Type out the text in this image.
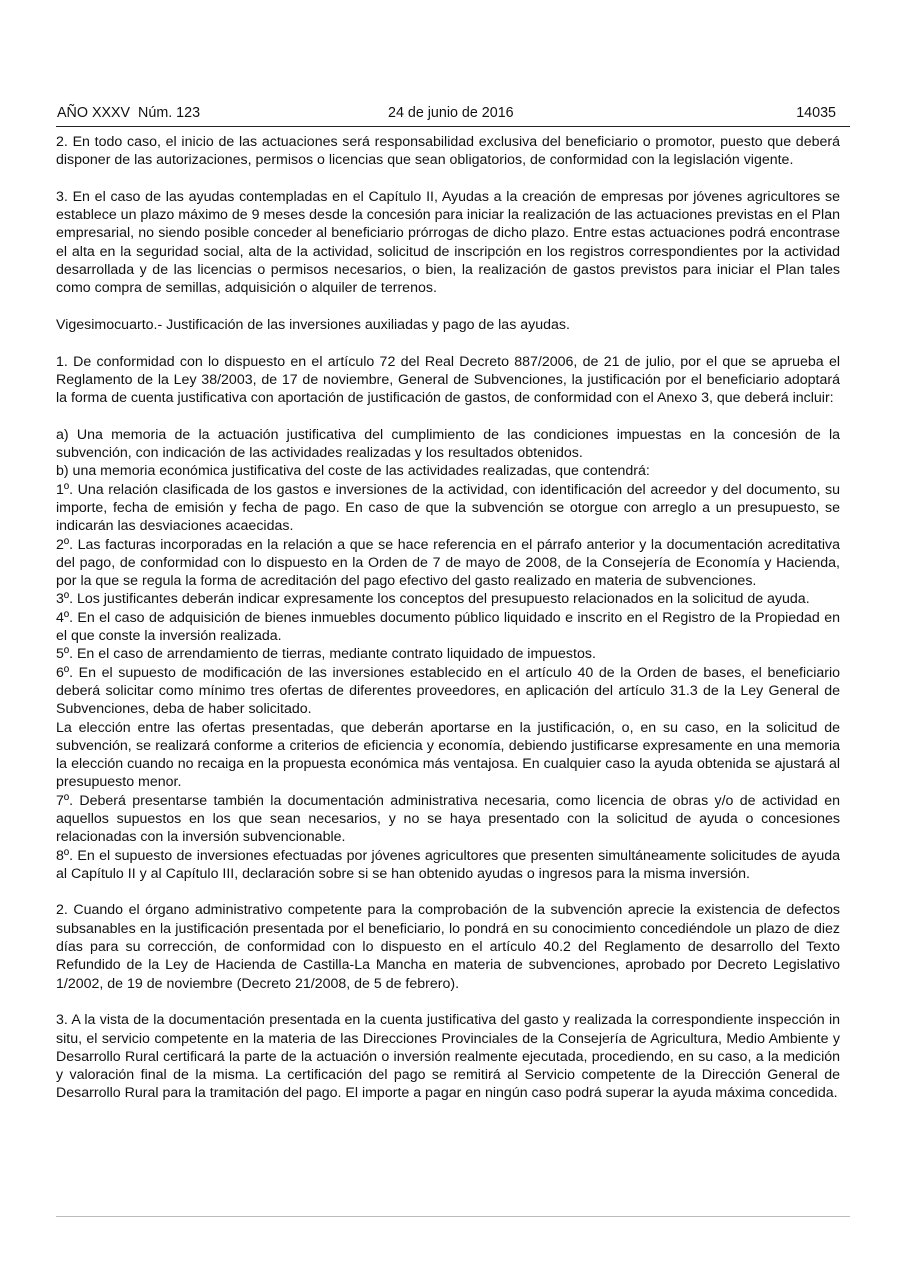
AÑO XXXV  Núm. 123	24 de junio de 2016	14035

2. En todo caso, el inicio de las actuaciones será responsabilidad exclusiva del beneficiario o promotor, puesto que deberá disponer de las autorizaciones, permisos o licencias que sean obligatorios, de conformidad con la legislación vigente.

3. En el caso de las ayudas contempladas en el Capítulo II, Ayudas a la creación de empresas por jóvenes agricultores se establece un plazo máximo de 9 meses desde la concesión para iniciar la realización de las actuaciones previstas en el Plan empresarial, no siendo posible conceder al beneficiario prórrogas de dicho plazo. Entre estas actuaciones podrá encontrase el alta en la seguridad social, alta de la actividad, solicitud de inscripción en los registros correspondientes por la actividad desarrollada y de las licencias o permisos necesarios, o bien, la realización de gastos previstos para iniciar el Plan tales como compra de semillas, adquisición o alquiler de terrenos.

Vigesimocuarto.- Justificación de las inversiones auxiliadas y pago de las ayudas.

1. De conformidad con lo dispuesto en el artículo 72 del Real Decreto 887/2006, de 21 de julio, por el que se aprueba el Reglamento de la Ley 38/2003, de 17 de noviembre, General de Subvenciones, la justificación por el beneficiario adoptará la forma de cuenta justificativa con aportación de justificación de gastos, de conformidad con el Anexo 3, que deberá incluir:

a) Una memoria de la actuación justificativa del cumplimiento de las condiciones impuestas en la concesión de la subvención, con indicación de las actividades realizadas y los resultados obtenidos.

b) una memoria económica justificativa del coste de las actividades realizadas, que contendrá:

1º. Una relación clasificada de los gastos e inversiones de la actividad, con identificación del acreedor y del documento, su importe, fecha de emisión y fecha de pago. En caso de que la subvención se otorgue con arreglo a un presupuesto, se indicarán las desviaciones acaecidas.

2º. Las facturas incorporadas en la relación a que se hace referencia en el párrafo anterior y la documentación acreditativa del pago, de conformidad con lo dispuesto en la Orden de 7 de mayo de 2008, de la Consejería de Economía y Hacienda, por la que se regula la forma de acreditación del pago efectivo del gasto realizado en materia de subvenciones.

3º. Los justificantes deberán indicar expresamente los conceptos del presupuesto relacionados en la solicitud de ayuda.

4º. En el caso de adquisición de bienes inmuebles documento público liquidado e inscrito en el Registro de la Propiedad en el que conste la inversión realizada.

5º. En el caso de arrendamiento de tierras, mediante contrato liquidado de impuestos.

6º. En el supuesto de modificación de las inversiones establecido en el artículo 40 de la Orden de bases, el beneficiario deberá solicitar como mínimo tres ofertas de diferentes proveedores, en aplicación del artículo 31.3 de la Ley General de Subvenciones, deba de haber solicitado.

La elección entre las ofertas presentadas, que deberán aportarse en la justificación, o, en su caso, en la solicitud de subvención, se realizará conforme a criterios de eficiencia y economía, debiendo justificarse expresamente en una memoria la elección cuando no recaiga en la propuesta económica más ventajosa. En cualquier caso la ayuda obtenida se ajustará al presupuesto menor.

7º. Deberá presentarse también la documentación administrativa necesaria, como licencia de obras y/o de actividad en aquellos supuestos en los que sean necesarios, y no se haya presentado con la solicitud de ayuda o concesiones relacionadas con la inversión subvencionable.

8º. En el supuesto de inversiones efectuadas por jóvenes agricultores que presenten simultáneamente solicitudes de ayuda al Capítulo II y al Capítulo III, declaración sobre si se han obtenido ayudas o ingresos para la misma inversión.

2. Cuando el órgano administrativo competente para la comprobación de la subvención aprecie la existencia de defectos subsanables en la justificación presentada por el beneficiario, lo pondrá en su conocimiento concediéndole un plazo de diez días para su corrección, de conformidad con lo dispuesto en el artículo 40.2 del Reglamento de desarrollo del Texto Refundido de la Ley de Hacienda de Castilla-La Mancha en materia de subvenciones, aprobado por Decreto Legislativo 1/2002, de 19 de noviembre (Decreto 21/2008, de 5 de febrero).

3. A la vista de la documentación presentada en la cuenta justificativa del gasto y realizada la correspondiente inspección in situ, el servicio competente en la materia de las Direcciones Provinciales de la Consejería de Agricultura, Medio Ambiente y Desarrollo Rural certificará la parte de la actuación o inversión realmente ejecutada, procediendo, en su caso, a la medición y valoración final de la misma. La certificación del pago se remitirá al Servicio competente de la Dirección General de Desarrollo Rural para la tramitación del pago. El importe a pagar en ningún caso podrá superar la ayuda máxima concedida.
